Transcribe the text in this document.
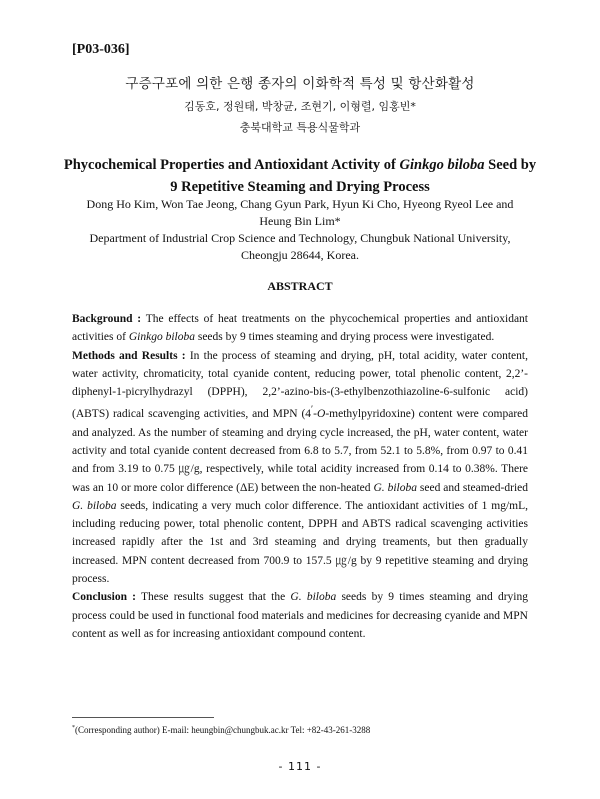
[P03-036]
구증구포에 의한 은행 종자의 이화학적 특성 및 항산화활성
김동호, 정원태, 박창균, 조현기, 이형렬, 임홍빈*
충북대학교 특용식물학과
Phycochemical Properties and Antioxidant Activity of Ginkgo biloba Seed by 9 Repetitive Steaming and Drying Process
Dong Ho Kim, Won Tae Jeong, Chang Gyun Park, Hyun Ki Cho, Hyeong Ryeol Lee and Heung Bin Lim*
Department of Industrial Crop Science and Technology, Chungbuk National University, Cheongju 28644, Korea.
ABSTRACT

Background : The effects of heat treatments on the phycochemical properties and antioxidant activities of Ginkgo biloba seeds by 9 times steaming and drying process were investigated.

Methods and Results : In the process of steaming and drying, pH, total acidity, water content, water activity, chromaticity, total cyanide content, reducing power, total phenolic content, 2,2’-diphenyl-1-picrylhydrazyl (DPPH), 2,2’-azino-bis-(3-ethylbenzothiazoline-6-sulfonic acid) (ABTS) radical scavenging activities, and MPN (4′-O-methylpyridoxine) content were compared and analyzed. As the number of steaming and drying cycle increased, the pH, water content, water activity and total cyanide content decreased from 6.8 to 5.7, from 52.1 to 5.8%, from 0.97 to 0.41 and from 3.19 to 0.75 ㎍/g, respectively, while total acidity increased from 0.14 to 0.38%. There was an 10 or more color difference (ΔE) between the non-heated G. biloba seed and steamed-dried G. biloba seeds, indicating a very much color difference. The antioxidant activities of 1 mg/mL, including reducing power, total phenolic content, DPPH and ABTS radical scavenging activities increased rapidly after the 1st and 3rd steaming and drying treaments, but then gradually increased. MPN content decreased from 700.9 to 157.5 ㎍/g by 9 repetitive steaming and drying process.

Conclusion : These results suggest that the G. biloba seeds by 9 times steaming and drying process could be used in functional food materials and medicines for decreasing cyanide and MPN content as well as for increasing antioxidant compound content.

*(Corresponding author) E-mail: heungbin@chungbuk.ac.kr Tel: +82-43-261-3288
- 111 -
